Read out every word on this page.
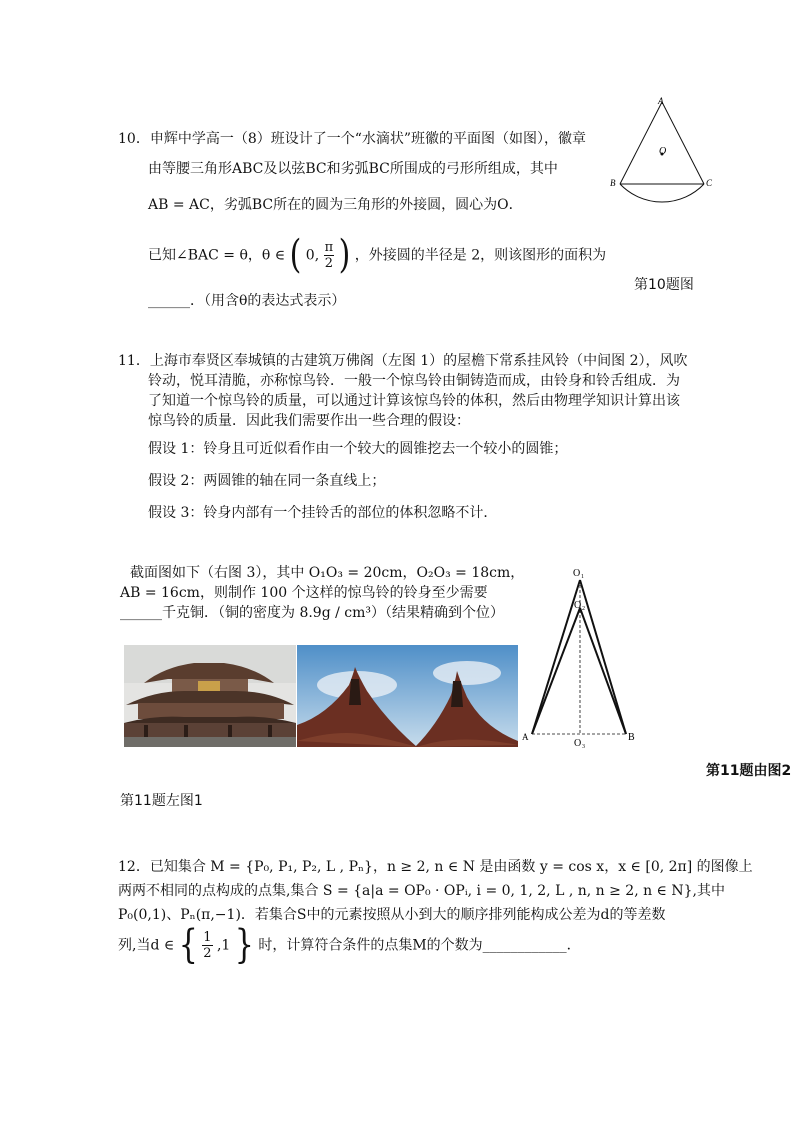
10．申辉中学高一（8）班设计了一个“水滴状”班徽的平面图（如图），徽章
由等腰三角形ABC及以弦BC和劣弧BC所围成的弓形所组成，其中
AB = AC，劣弧BC所在的圆为三角形的外接圆，圆心为O．
已知∠BAC = θ，θ ∈ ( 0, $\frac{\pi}{2}$ ) ，外接圆的半径是 2，则该图形的面积为
______．（用含θ的表达式表示）
第10题图
A
O
B	C
11．上海市奉贤区奉城镇的古建筑万佛阁（左图 1）的屋檐下常系挂风铃（中间图 2），风吹
铃动，悦耳清脆，亦称惊鸟铃．一般一个惊鸟铃由铜铸造而成，由铃身和铃舌组成．为
了知道一个惊鸟铃的质量，可以通过计算该惊鸟铃的体积，然后由物理学知识计算出该
惊鸟铃的质量．因此我们需要作出一些合理的假设：
假设 1：铃身且可近似看作由一个较大的圆锥挖去一个较小的圆锥；
假设 2：两圆锥的轴在同一条直线上；
假设 3：铃身内部有一个挂铃舌的部位的体积忽略不计．
截面图如下（右图 3），其中 O₁O₃ = 20cm，O₂O₃ = 18cm，
AB = 16cm，则制作 100 个这样的惊鸟铃的铃身至少需要
______千克铜．（铜的密度为 8.9g / cm³）（结果精确到个位）
O 1
O 2
O 3
A	B
第11题由图2
第11题左图1
12．已知集合 M = {P₀, P₁, P₂, L , Pₙ}，n ≥ 2, n ∈ N 是由函数 y = cos x，x ∈ [0, 2π] 的图像上
两两不相同的点构成的点集,集合 S = {a|a = OP₀ · OPᵢ, i = 0, 1, 2, L , n, n ≥ 2, n ∈ N},其中
P₀(0,1)、Pₙ(π,−1)．若集合S中的元素按照从小到大的顺序排列能构成公差为d的等差数
列,当d ∈ { $\frac{1}{2} ,1$ } 时，计算符合条件的点集M的个数为____________．
